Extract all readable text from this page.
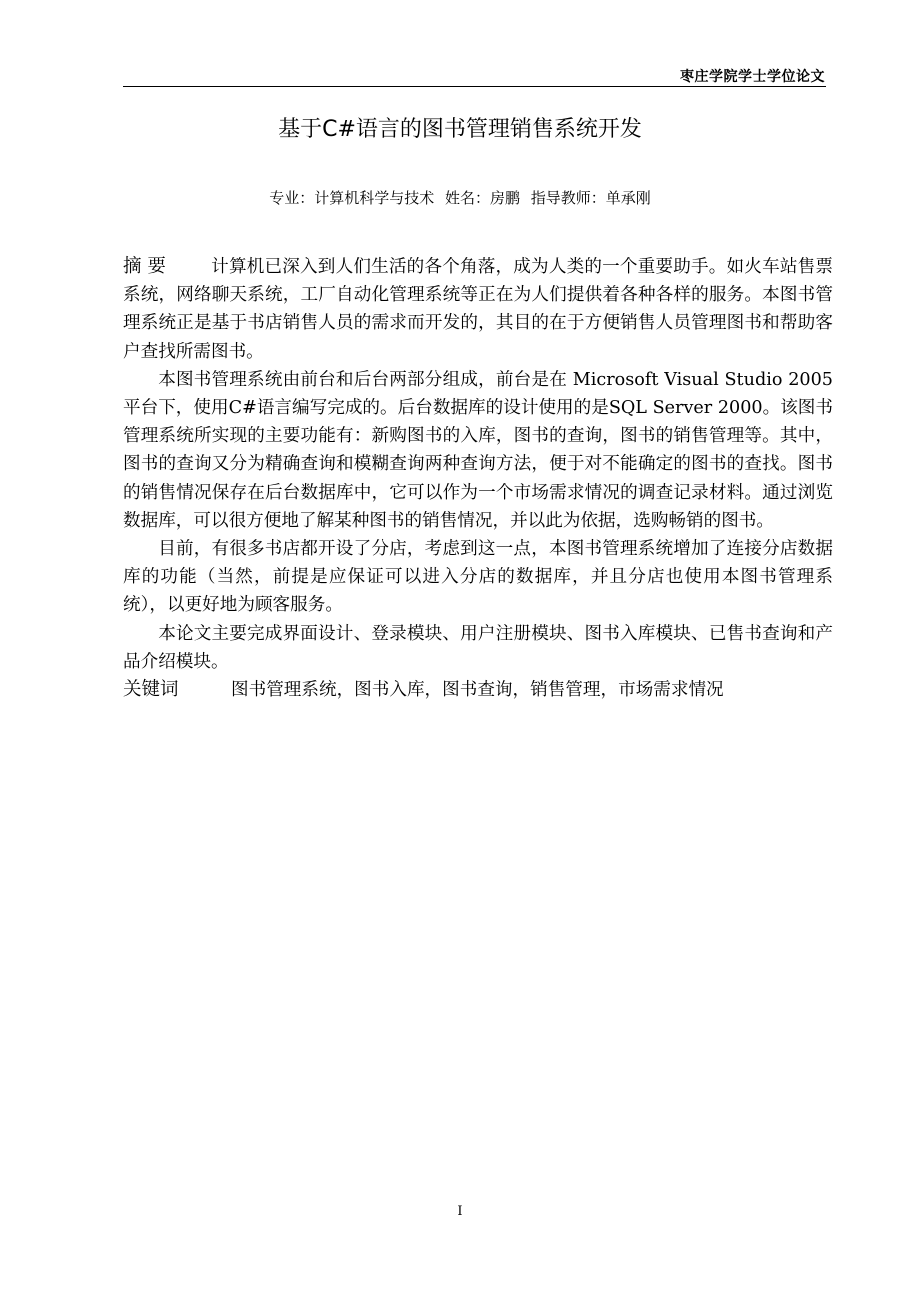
枣庄学院学士学位论文
基于C#语言的图书管理销售系统开发
专业：计算机科学与技术 姓名：房鹏 指导教师：单承刚

摘 要	计算机已深入到人们生活的各个角落，成为人类的一个重要助手。如火车站售票系统，网络聊天系统，工厂自动化管理系统等正在为人们提供着各种各样的服务。本图书管理系统正是基于书店销售人员的需求而开发的，其目的在于方便销售人员管理图书和帮助客户查找所需图书。

本图书管理系统由前台和后台两部分组成，前台是在 Microsoft Visual Studio 2005 平台下，使用C#语言编写完成的。后台数据库的设计使用的是SQL Server 2000。该图书管理系统所实现的主要功能有：新购图书的入库，图书的查询，图书的销售管理等。其中，图书的查询又分为精确查询和模糊查询两种查询方法，便于对不能确定的图书的查找。图书的销售情况保存在后台数据库中，它可以作为一个市场需求情况的调查记录材料。通过浏览数据库，可以很方便地了解某种图书的销售情况，并以此为依据，选购畅销的图书。

目前，有很多书店都开设了分店，考虑到这一点，本图书管理系统增加了连接分店数据库的功能（当然，前提是应保证可以进入分店的数据库，并且分店也使用本图书管理系统），以更好地为顾客服务。

本论文主要完成界面设计、登录模块、用户注册模块、图书入库模块、已售书查询和产品介绍模块。

关键词	图书管理系统，图书入库，图书查询，销售管理，市场需求情况

I
